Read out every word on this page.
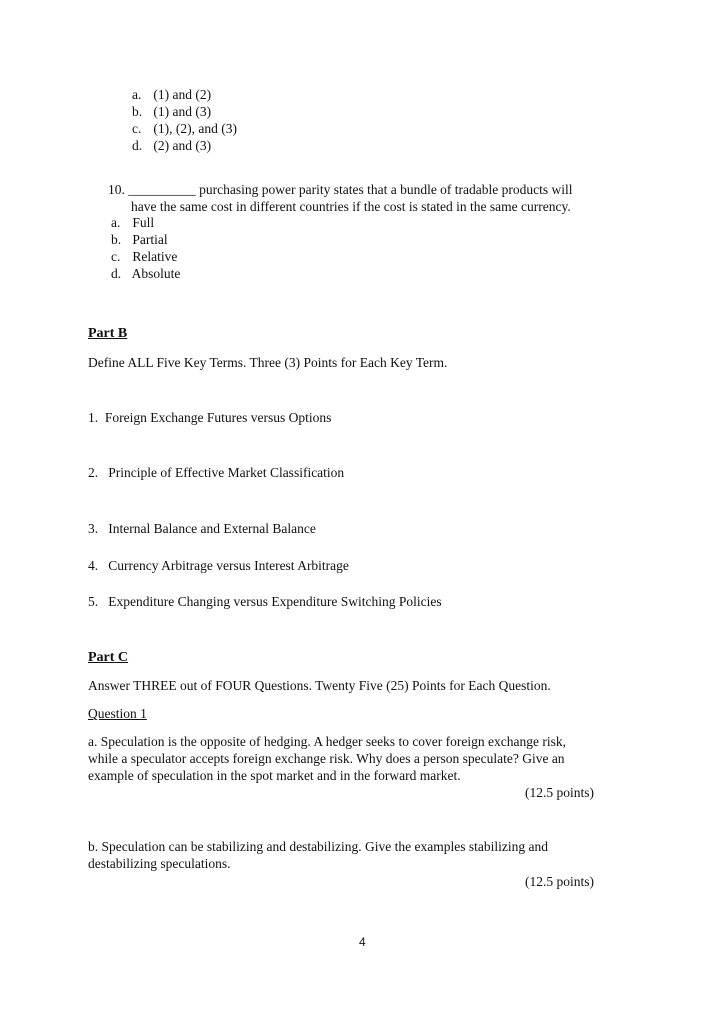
a. (1) and (2)
b. (1) and (3)
c. (1), (2), and (3)
d. (2) and (3)
10. __________ purchasing power parity states that a bundle of tradable products will
have the same cost in different countries if the cost is stated in the same currency.
a. Full
b. Partial
c. Relative
d. Absolute
Part B
Define ALL Five Key Terms. Three (3) Points for Each Key Term.
1. Foreign Exchange Futures versus Options
2. Principle of Effective Market Classification
3. Internal Balance and External Balance
4. Currency Arbitrage versus Interest Arbitrage
5. Expenditure Changing versus Expenditure Switching Policies
Part C
Answer THREE out of FOUR Questions. Twenty Five (25) Points for Each Question.
Question 1
a. Speculation is the opposite of hedging. A hedger seeks to cover foreign exchange risk,
while a speculator accepts foreign exchange risk. Why does a person speculate? Give an
example of speculation in the spot market and in the forward market.
(12.5 points)
b. Speculation can be stabilizing and destabilizing. Give the examples stabilizing and
destabilizing speculations.
(12.5 points)
4
